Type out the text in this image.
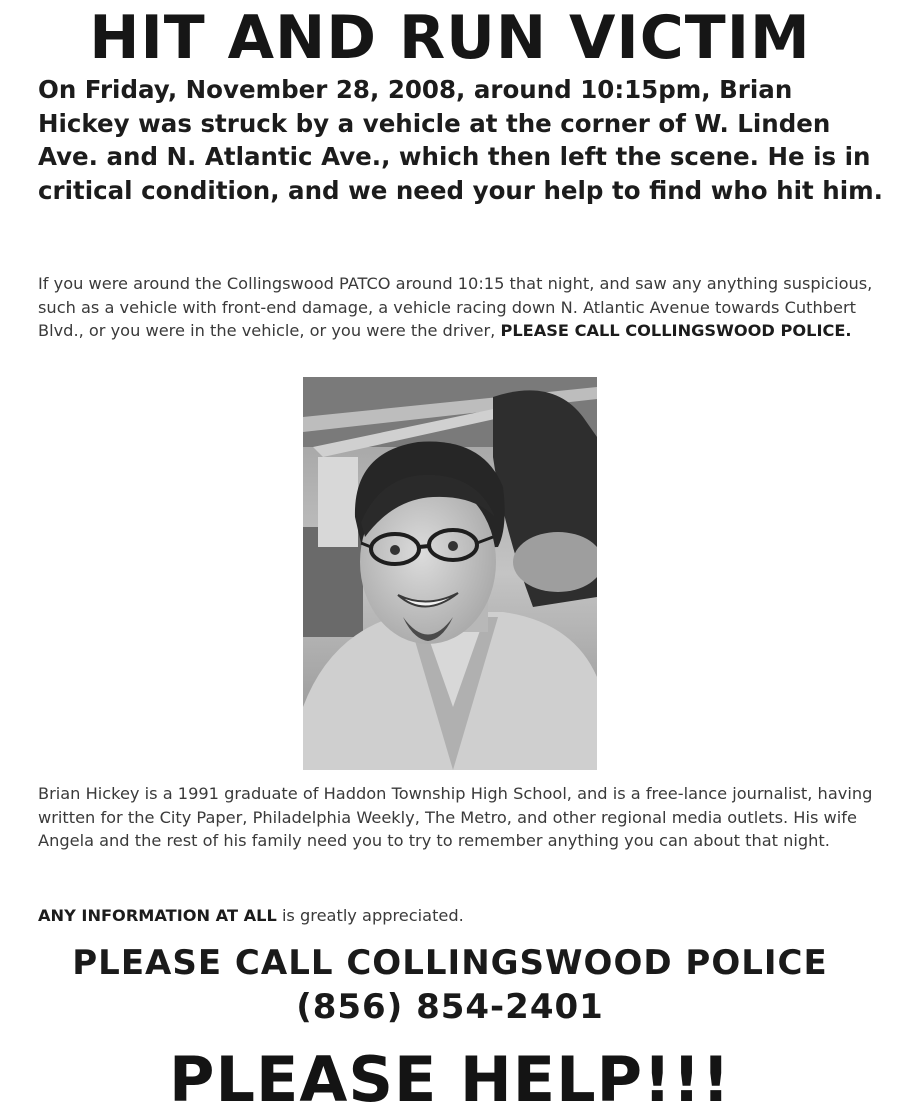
HIT AND RUN VICTIM
On Friday, November 28, 2008, around 10:15pm, Brian Hickey was struck by a vehicle at the corner of W. Linden Ave. and N. Atlantic Ave., which then left the scene. He is in critical condition, and we need your help to find who hit him.
If you were around the Collingswood PATCO around 10:15 that night, and saw any anything suspicious, such as a vehicle with front-end damage, a vehicle racing down N. Atlantic Avenue towards Cuthbert Blvd., or you were in the vehicle, or you were the driver, PLEASE CALL COLLINGSWOOD POLICE.
Brian Hickey is a 1991 graduate of Haddon Township High School, and is a free-lance journalist, having written for the City Paper, Philadelphia Weekly, The Metro, and other regional media outlets. His wife Angela and the rest of his family need you to try to remember anything you can about that night.
ANY INFORMATION AT ALL is greatly appreciated.
PLEASE CALL COLLINGSWOOD POLICE
(856) 854-2401
PLEASE HELP!!!
